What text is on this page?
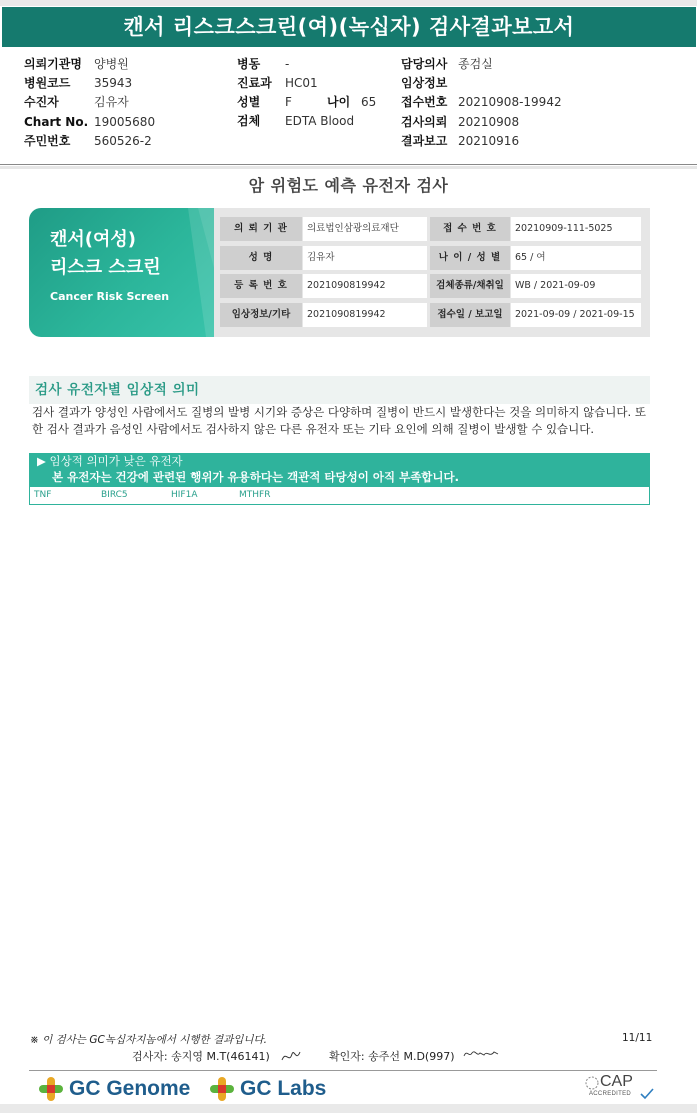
캔서 리스크스크린(여)(녹십자) 검사결과보고서
의뢰기관명 양병원
병원코드 35943
수진자	김유자
Chart No. 19005680
주민번호 560526-2
병동 -
진료과 HC01
성별 F	나이 65
검체 EDTA Blood
담당의사 종검실
임상정보
접수번호 20210908-19942
검사의뢰 20210908
결과보고 20210916
암 위험도 예측 유전자 검사
캔서(여성)
리스크 스크린
Cancer Risk Screen
의 뢰 기 관	의료법인삼광의료재단	접 수 번 호	20210909-111-5025
성 명	김유자	나 이 / 성 별	65 / 여
등 록 번 호	2021090819942	검체종류/채취일	WB / 2021-09-09
임상정보/기타	2021090819942	접수일 / 보고일	2021-09-09 / 2021-09-15
검사 유전자별 임상적 의미
검사 결과가 양성인 사람에서도 질병의 발병 시기와 증상은 다양하며 질병이 반드시 발생한다는 것을 의미하지 않습니다. 또한 검사 결과가 음성인 사람에서도 검사하지 않은 다른 유전자 또는 기타 요인에 의해 질병이 발생할 수 있습니다.
▶ 임상적 의미가 낮은 유전자
본 유전자는 건강에 관련된 행위가 유용하다는 객관적 타당성이 아직 부족합니다.
TNF	BIRC5	HIF1A	MTHFR
※ 이 검사는 GC녹십자지놈에서 시행한 결과입니다.	11/11
검사자: 송지영 M.T(46141)	확인자: 송주선 M.D(997)
GC Genome GC Labs	CAP
ACCREDITED
